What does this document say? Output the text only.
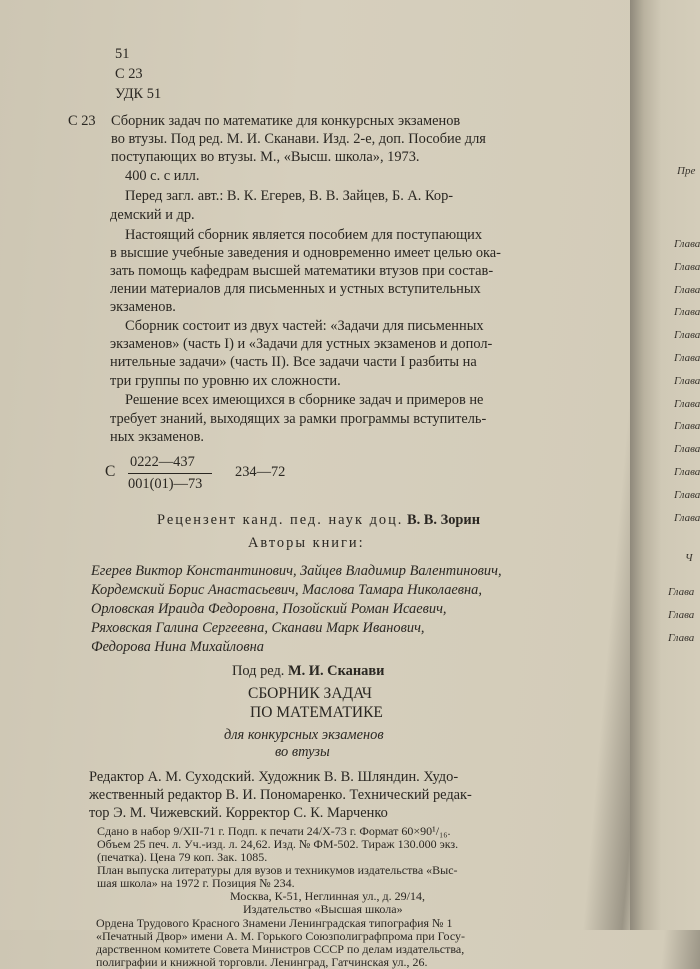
51
С 23
УДК 51
С 23 Сборник задач по математике для конкурсных экзаменов
во втузы. Под ред. М. И. Сканави. Изд. 2-е, доп. Пособие для
поступающих во втузы. М., «Высш. школа», 1973.
400 с. с илл.
Перед загл. авт.: В. К. Егерев, В. В. Зайцев, Б. А. Кор-
демский и др.
Настоящий сборник является пособием для поступающих
в высшие учебные заведения и одновременно имеет целью ока-
зать помощь кафедрам высшей математики втузов при состав-
лении материалов для письменных и устных вступительных
экзаменов.
Сборник состоит из двух частей: «Задачи для письменных
экзаменов» (часть I) и «Задачи для устных экзаменов и допол-
нительные задачи» (часть II). Все задачи части I разбиты на
три группы по уровню их сложности.
Решение всех имеющихся в сборнике задач и примеров не
требует знаний, выходящих за рамки программы вступитель-
ных экзаменов.
С
0222—437
001(01)—73
234—72
Рецензент канд. пед. наук доц. В. В. Зорин
Авторы книги:
Егерев Виктор Константинович, Зайцев Владимир Валентинович,
Кордемский Борис Анастасьевич, Маслова Тамара Николаевна,
Орловская Ираида Федоровна, Позойский Роман Исаевич,
Ряховская Галина Сергеевна, Сканави Марк Иванович,
Федорова Нина Михайловна
Под ред. М. И. Сканави
СБОРНИК ЗАДАЧ
ПО МАТЕМАТИКЕ
для конкурсных экзаменов
во втузы
Редактор А. М. Суходский. Художник В. В. Шляндин. Худо-
жественный редактор В. И. Пономаренко. Технический редак-
тор Э. М. Чижевский. Корректор С. К. Марченко
Сдано в набор 9/XII-71 г. Подп. к печати 24/X-73 г. Формат 60×90¹/₁₆.
Объем 25 печ. л. Уч.-изд. л. 24,62. Изд. № ФМ-502. Тираж 130.000 экз.
(печатка). Цена 79 коп. Зак. 1085.
План выпуска литературы для вузов и техникумов издательства «Выс-
шая школа» на 1972 г. Позиция № 234.
Москва, К-51, Неглинная ул., д. 29/14,
Издательство «Высшая школа»
Ордена Трудового Красного Знамени Ленинградская типография № 1
«Печатный Двор» имени А. М. Горького Союзполиграфпрома при Госу-
дарственном комитете Совета Министров СССР по делам издательства,
полиграфии и книжной торговли. Ленинград, Гатчинская ул., 26.
Пре
Глава
Глава
Глава
Глава
Глава
Глава
Глава
Глава
Глава
Глава
Глава
Глава
Глава
Ч
Глава
Глава
Глава
